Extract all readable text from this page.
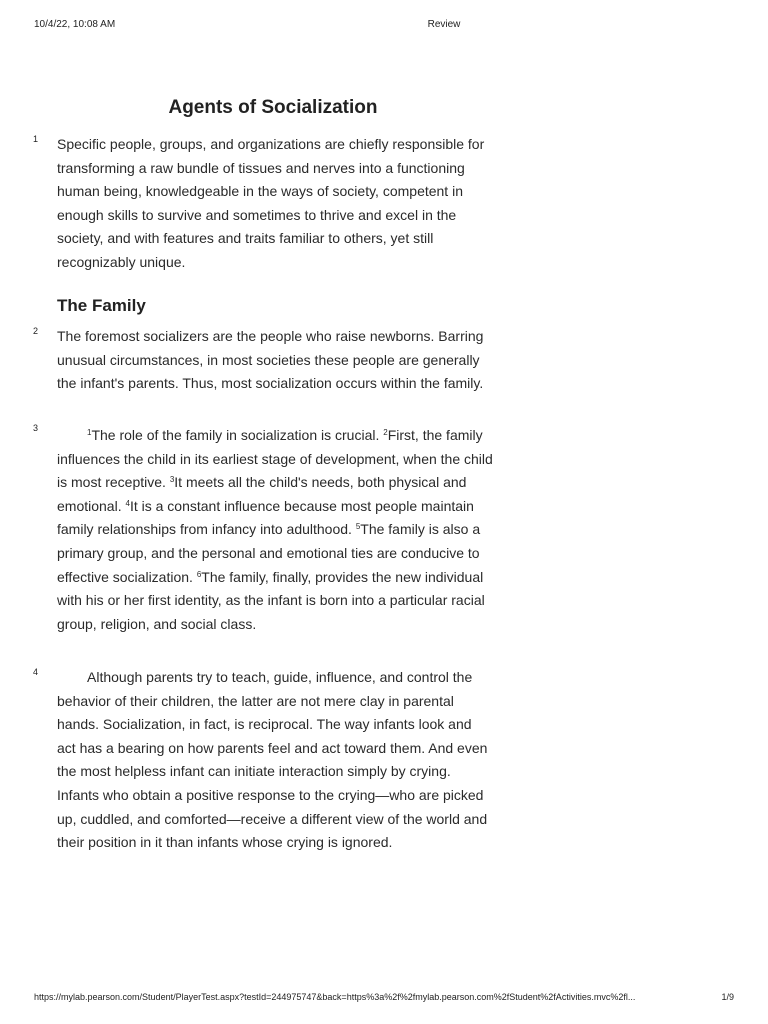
10/4/22, 10:08 AM	Review
Agents of Socialization
1 Specific people, groups, and organizations are chiefly responsible for transforming a raw bundle of tissues and nerves into a functioning human being, knowledgeable in the ways of society, competent in enough skills to survive and sometimes to thrive and excel in the society, and with features and traits familiar to others, yet still recognizably unique.

The Family
2 The foremost socializers are the people who raise newborns. Barring unusual circumstances, in most societies these people are generally the infant's parents. Thus, most socialization occurs within the family.

3	$^1$The role of the family in socialization is crucial. $^2$First, the family influences the child in its earliest stage of development, when the child is most receptive. $^3$It meets all the child's needs, both physical and emotional. $^4$It is a constant influence because most people maintain family relationships from infancy into adulthood. $^5$The family is also a primary group, and the personal and emotional ties are conducive to effective socialization. $^6$The family, finally, provides the new individual with his or her first identity, as the infant is born into a particular racial group, religion, and social class.

4	Although parents try to teach, guide, influence, and control the behavior of their children, the latter are not mere clay in parental hands. Socialization, in fact, is reciprocal. The way infants look and act has a bearing on how parents feel and act toward them. And even the most helpless infant can initiate interaction simply by crying. Infants who obtain a positive response to the crying—who are picked up, cuddled, and comforted—receive a different view of the world and their position in it than infants whose crying is ignored.

https://mylab.pearson.com/Student/PlayerTest.aspx?testId=244975747&back=https%3a%2f%2fmylab.pearson.com%2fStudent%2fActivities.mvc%2fl...	1/9
